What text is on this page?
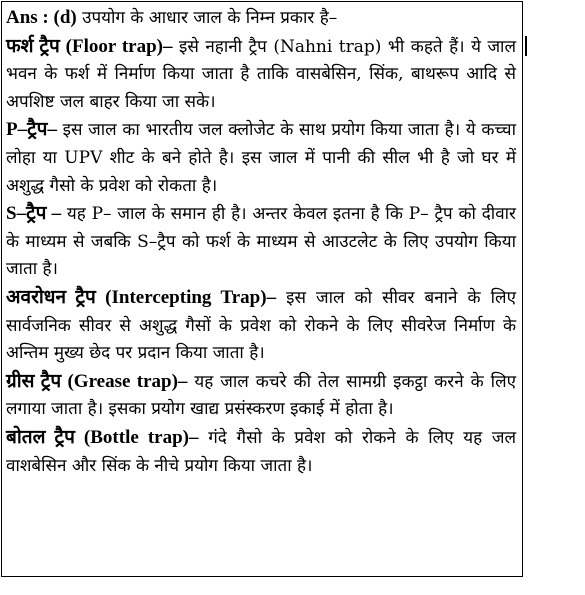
Ans : (d) उपयोग के आधार जाल के निम्न प्रकार है–

फर्श ट्रैप (Floor trap)– इसे नहानी ट्रैप (Nahni trap) भी कहते हैं। ये जाल भवन के फर्श में निर्माण किया जाता है ताकि वासबेसिन, सिंक, बाथरूप आदि से अपशिष्ट जल बाहर किया जा सके।

P–ट्रैप– इस जाल का भारतीय जल क्लोजेट के साथ प्रयोग किया जाता है। ये कच्चा लोहा या UPV शीट के बने होते है। इस जाल में पानी की सील भी है जो घर में अशुद्ध गैसो के प्रवेश को रोकता है।

S–ट्रैप – यह P– जाल के समान ही है। अन्तर केवल इतना है कि P– ट्रैप को दीवार के माध्यम से जबकि S–ट्रैप को फर्श के माध्यम से आउटलेट के लिए उपयोग किया जाता है।

अवरोधन ट्रैप (Intercepting Trap)– इस जाल को सीवर बनाने के लिए सार्वजनिक सीवर से अशुद्ध गैसों के प्रवेश को रोकने के लिए सीवरेज निर्माण के अन्तिम मुख्य छेद पर प्रदान किया जाता है।

ग्रीस ट्रैप (Grease trap)– यह जाल कचरे की तेल सामग्री इकट्ठा करने के लिए लगाया जाता है। इसका प्रयोग खाद्य प्रसंस्करण इकाई में होता है।

बोतल ट्रैप (Bottle trap)– गंदे गैसो के प्रवेश को रोकने के लिए यह जल वाशबेसिन और सिंक के नीचे प्रयोग किया जाता है।
